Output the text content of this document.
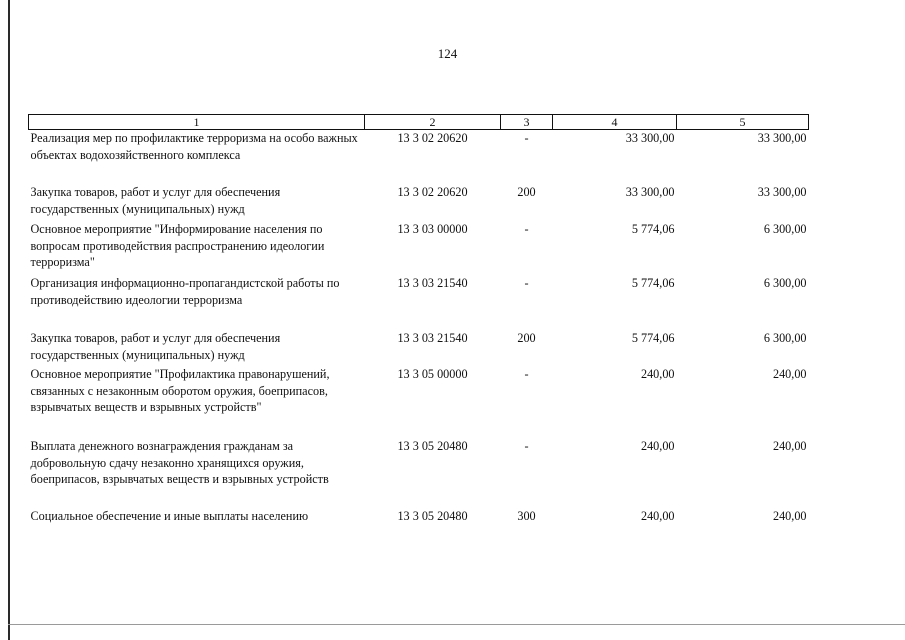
124
1	2	3	4	5
Реализация мер по профилактике терроризма на особо важных объектах водохозяйственного комплекса	13 3 02 20620	-	33 300,00	33 300,00
Закупка товаров, работ и услуг для обеспечения государственных (муниципальных) нужд	13 3 02 20620	200	33 300,00	33 300,00
Основное мероприятие "Информирование населения по вопросам противодействия распространению идеологии терроризма"	13 3 03 00000	-	5 774,06	6 300,00
Организация информационно-пропагандистской работы по противодействию идеологии терроризма	13 3 03 21540	-	5 774,06	6 300,00
Закупка товаров, работ и услуг для обеспечения государственных (муниципальных) нужд	13 3 03 21540	200	5 774,06	6 300,00
Основное мероприятие "Профилактика правонарушений, связанных с незаконным оборотом оружия, боеприпасов, взрывчатых веществ и взрывных устройств"	13 3 05 00000	-	240,00	240,00
Выплата денежного вознаграждения гражданам за добровольную сдачу незаконно хранящихся оружия, боеприпасов, взрывчатых веществ и взрывных устройств	13 3 05 20480	-	240,00	240,00
Социальное обеспечение и иные выплаты населению	13 3 05 20480	300	240,00	240,00
